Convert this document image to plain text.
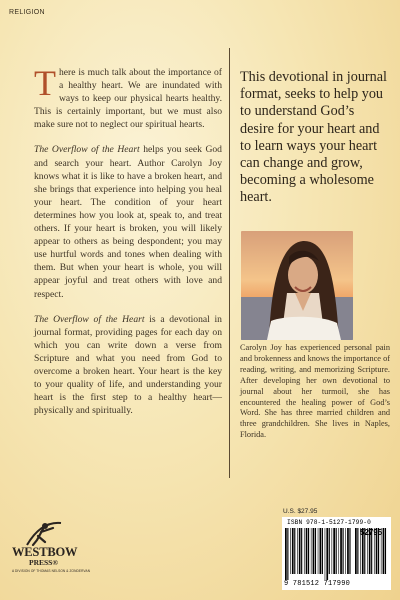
RELIGION

There is much talk about the importance of a healthy heart. We are inundated with ways to keep our physical hearts healthy. This is certainly important, but we must also make sure not to neglect our spiritual hearts.

The Overflow of the Heart helps you seek God and search your heart. Author Carolyn Joy knows what it is like to have a broken heart, and she brings that experience into helping you heal your heart. The condition of your heart determines how you look at, speak to, and treat others. If your heart is broken, you will likely appear to others as being despondent; you may use hurtful words and tones when dealing with them. But when your heart is whole, you will appear joyful and treat others with love and respect.

The Overflow of the Heart is a devotional in journal format, providing pages for each day on which you can write down a verse from Scripture and what you need from God to overcome a broken heart. Your heart is the key to your quality of life, and understanding your heart is the first step to a healthy heart—physically and spiritually.

This devotional in journal format, seeks to help you to understand God’s desire for your heart and to learn ways your heart can change and grow, becoming a wholesome heart.
Carolyn Joy has experienced personal pain and brokenness and knows the importance of reading, writing, and memorizing Scripture. After developing her own devotional to journal about her turmoil, she has encountered the healing power of God’s Word. She has three married children and three grandchildren. She lives in Naples, Florida.
U.S. $27.95
ISBN 978-1-5127-1799-0
52795
9 781512 717990
WESTBOW
PRESS®
A DIVISION OF THOMAS NELSON & ZONDERVAN
